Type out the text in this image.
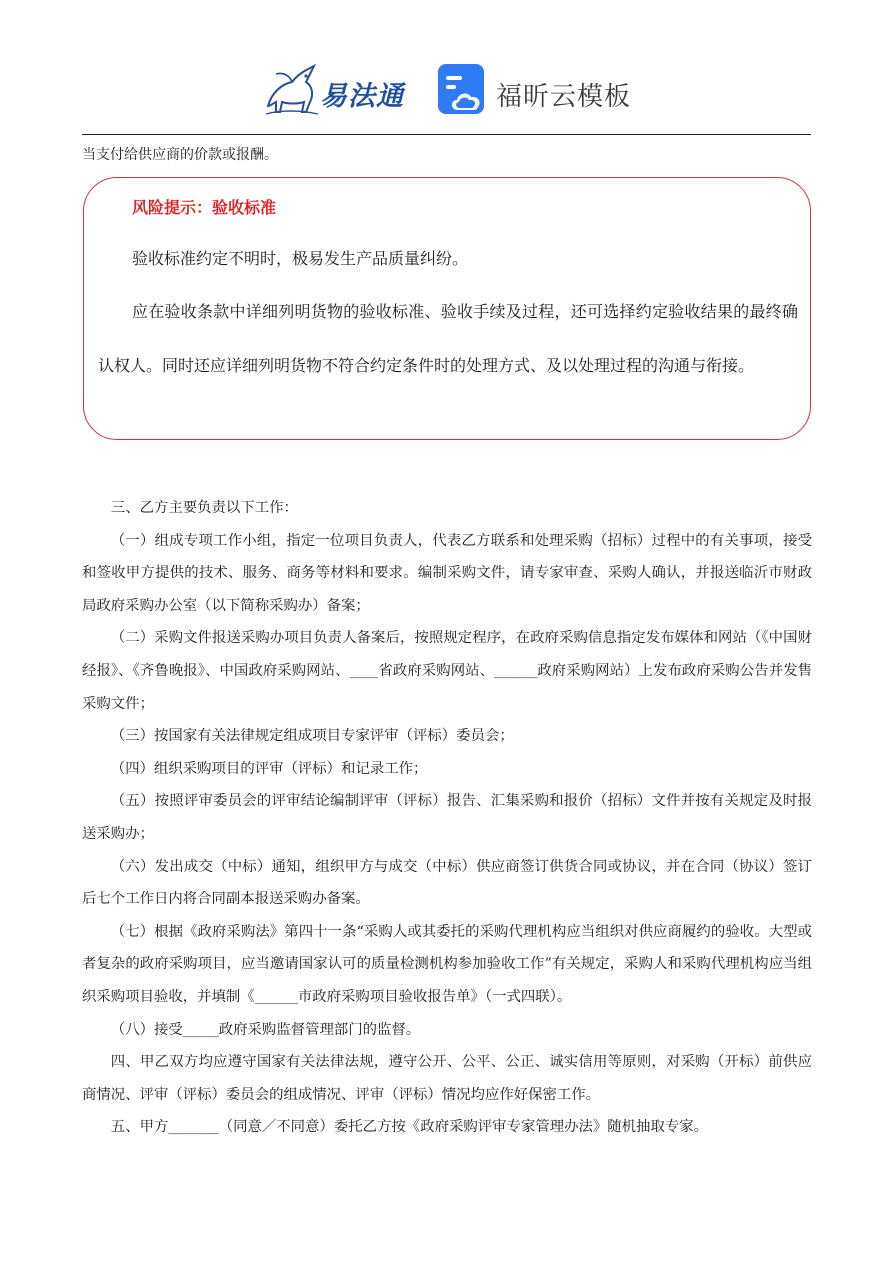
易法通	福昕云模板
当支付给供应商的价款或报酬。
风险提示：验收标准
验收标准约定不明时，极易发生产品质量纠纷。
应在验收条款中详细列明货物的验收标准、验收手续及过程，还可选择约定验收结果的最终确认权人。同时还应详细列明货物不符合约定条件时的处理方式、及以处理过程的沟通与衔接。

三、乙方主要负责以下工作：

（一）组成专项工作小组，指定一位项目负责人，代表乙方联系和处理采购（招标）过程中的有关事项，接受和签收甲方提供的技术、服务、商务等材料和要求。编制采购文件，请专家审查、采购人确认，并报送临沂市财政局政府采购办公室（以下简称采购办）备案；

（二）采购文件报送采购办项目负责人备案后，按照规定程序，在政府采购信息指定发布媒体和网站（《中国财经报》、《齐鲁晚报》、中国政府采购网站、____省政府采购网站、______政府采购网站）上发布政府采购公告并发售采购文件；

（三）按国家有关法律规定组成项目专家评审（评标）委员会；

（四）组织采购项目的评审（评标）和记录工作；

（五）按照评审委员会的评审结论编制评审（评标）报告、汇集采购和报价（招标）文件并按有关规定及时报送采购办；

（六）发出成交（中标）通知，组织甲方与成交（中标）供应商签订供货合同或协议，并在合同（协议）签订后七个工作日内将合同副本报送采购办备案。

（七）根据《政府采购法》第四十一条“采购人或其委托的采购代理机构应当组织对供应商履约的验收。大型或者复杂的政府采购项目，应当邀请国家认可的质量检测机构参加验收工作”有关规定，采购人和采购代理机构应当组织采购项目验收，并填制《______市政府采购项目验收报告单》（一式四联）。

（八）接受_____政府采购监督管理部门的监督。

四、甲乙双方均应遵守国家有关法律法规，遵守公开、公平、公正、诚实信用等原则，对采购（开标）前供应商情况、评审（评标）委员会的组成情况、评审（评标）情况均应作好保密工作。

五、甲方_______（同意／不同意）委托乙方按《政府采购评审专家管理办法》随机抽取专家。
